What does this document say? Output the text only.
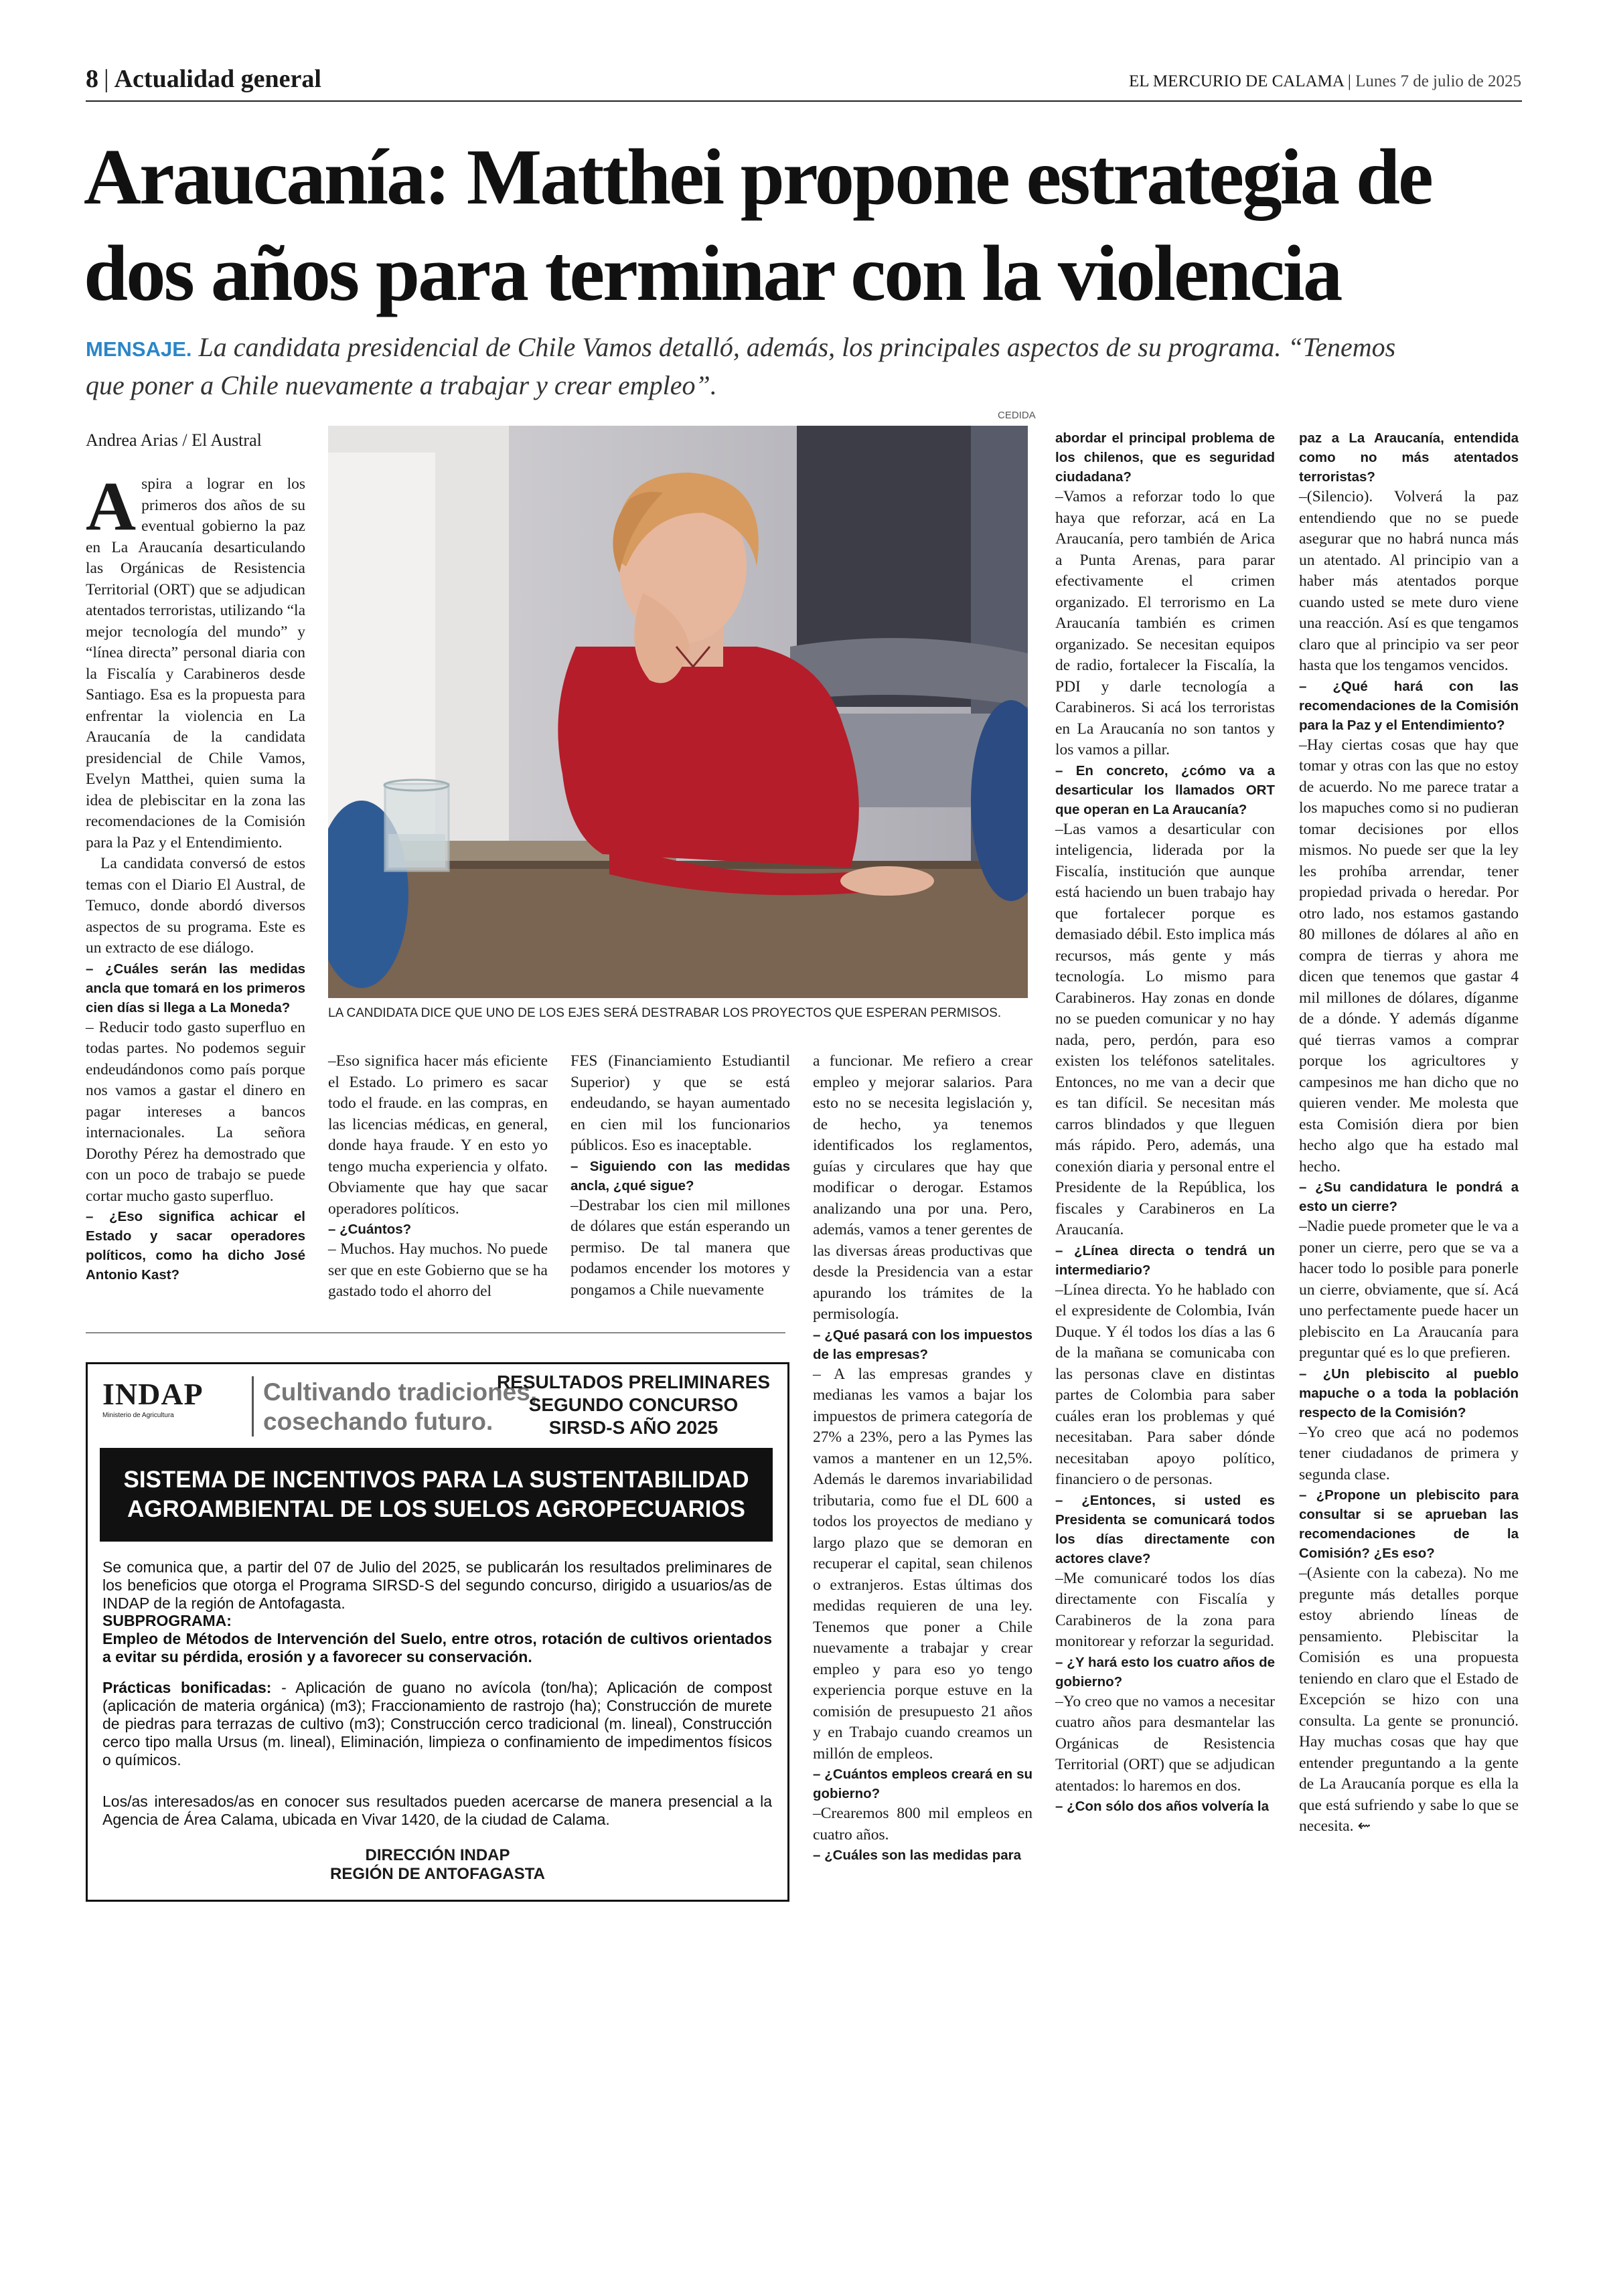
8 | Actualidad general	EL MERCURIO DE CALAMA | Lunes 7 de julio de 2025
Araucanía: Matthei propone estrategia de
dos años para terminar con la violencia
MENSAJE. La candidata presidencial de Chile Vamos detalló, además, los principales aspectos de su programa. “Tenemos
que poner a Chile nuevamente a trabajar y crear empleo”.
Andrea Arias / El Austral
CEDIDA
LA CANDIDATA DICE QUE UNO DE LOS EJES SERÁ DESTRABAR LOS PROYECTOS QUE ESPERAN PERMISOS.

Aspira a lograr en los primeros dos años de su eventual gobierno la paz en La Araucanía desarticulando las Orgánicas de Resistencia Territorial (ORT) que se adjudican atentados terroristas, utilizando “la mejor tecnología del mundo” y “línea directa” personal diaria con la Fiscalía y Carabineros desde Santiago. Esa es la propuesta para enfrentar la violencia en La Araucanía de la candidata presidencial de Chile Vamos, Evelyn Matthei, quien suma la idea de plebiscitar en la zona las recomendaciones de la Comisión para la Paz y el Entendimiento.

La candidata conversó de estos temas con el Diario El Austral, de Temuco, donde abordó diversos aspectos de su programa. Este es un extracto de ese diálogo.

– ¿Cuáles serán las medidas ancla que tomará en los primeros cien días si llega a La Moneda?

– Reducir todo gasto superfluo en todas partes. No podemos seguir endeudándonos como país porque nos vamos a gastar el dinero en pagar intereses a bancos internacionales. La señora Dorothy Pérez ha demostrado que con un poco de trabajo se puede cortar mucho gasto superfluo.

– ¿Eso significa achicar el Estado y sacar operadores políticos, como ha dicho José Antonio Kast?

–Eso significa hacer más eficiente el Estado. Lo primero es sacar todo el fraude. en las compras, en las licencias médicas, en general, donde haya fraude. Y en esto yo tengo mucha experiencia y olfato. Obviamente que hay que sacar operadores políticos.

– ¿Cuántos?

– Muchos. Hay muchos. No puede ser que en este Gobierno que se ha gastado todo el ahorro del

FES (Financiamiento Estudiantil Superior) y que se está endeudando, se hayan aumentado en cien mil los funcionarios públicos. Eso es inaceptable.

– Siguiendo con las medidas ancla, ¿qué sigue?

–Destrabar los cien mil millones de dólares que están esperando un permiso. De tal manera que podamos encender los motores y pongamos a Chile nuevamente

a funcionar. Me refiero a crear empleo y mejorar salarios. Para esto no se necesita legislación y, de hecho, ya tenemos identificados los reglamentos, guías y circulares que hay que modificar o derogar. Estamos analizando una por una. Pero, además, vamos a tener gerentes de las diversas áreas productivas que desde la Presidencia van a estar apurando los trámites de la permisología.

– ¿Qué pasará con los impuestos de las empresas?

– A las empresas grandes y medianas les vamos a bajar los impuestos de primera categoría de 27% a 23%, pero a las Pymes las vamos a mantener en un 12,5%. Además le daremos invariabilidad tributaria, como fue el DL 600 a todos los proyectos de mediano y largo plazo que se demoran en recuperar el capital, sean chilenos o extranjeros. Estas últimas dos medidas requieren de una ley. Tenemos que poner a Chile nuevamente a trabajar y crear empleo y para eso yo tengo experiencia porque estuve en la comisión de presupuesto 21 años y en Trabajo cuando creamos un millón de empleos.

– ¿Cuántos empleos creará en su gobierno?

–Crearemos 800 mil empleos en cuatro años.

– ¿Cuáles son las medidas para

abordar el principal problema de los chilenos, que es seguridad ciudadana?

–Vamos a reforzar todo lo que haya que reforzar, acá en La Araucanía, pero también de Arica a Punta Arenas, para parar efectivamente el crimen organizado. El terrorismo en La Araucanía también es crimen organizado. Se necesitan equipos de radio, fortalecer la Fiscalía, la PDI y darle tecnología a Carabineros. Si acá los terroristas en La Araucanía no son tantos y los vamos a pillar.

– En concreto, ¿cómo va a desarticular los llamados ORT que operan en La Araucanía?

–Las vamos a desarticular con inteligencia, liderada por la Fiscalía, institución que aunque está haciendo un buen trabajo hay que fortalecer porque es demasiado débil. Esto implica más recursos, más gente y más tecnología. Lo mismo para Carabineros. Hay zonas en donde no se pueden comunicar y no hay nada, pero, perdón, para eso existen los teléfonos satelitales. Entonces, no me van a decir que es tan difícil. Se necesitan más carros blindados y que lleguen más rápido. Pero, además, una conexión diaria y personal entre el Presidente de la República, los fiscales y Carabineros en La Araucanía.

– ¿Línea directa o tendrá un intermediario?

–Línea directa. Yo he hablado con el expresidente de Colombia, Iván Duque. Y él todos los días a las 6 de la mañana se comunicaba con las personas clave en distintas partes de Colombia para saber cuáles eran los problemas y qué necesitaban. Para saber dónde necesitaban apoyo político, financiero o de personas.

– ¿Entonces, si usted es Presidenta se comunicará todos los días directamente con actores clave?

–Me comunicaré todos los días directamente con Fiscalía y Carabineros de la zona para monitorear y reforzar la seguridad.

– ¿Y hará esto los cuatro años de gobierno?

–Yo creo que no vamos a necesitar cuatro años para desmantelar las Orgánicas de Resistencia Territorial (ORT) que se adjudican atentados: lo haremos en dos.

– ¿Con sólo dos años volvería la

paz a La Araucanía, entendida como no más atentados terroristas?

–(Silencio). Volverá la paz entendiendo que no se puede asegurar que no habrá nunca más un atentado. Al principio van a haber más atentados porque cuando usted se mete duro viene una reacción. Así es que tengamos claro que al principio va ser peor hasta que los tengamos vencidos.

– ¿Qué hará con las recomendaciones de la Comisión para la Paz y el Entendimiento?

–Hay ciertas cosas que hay que tomar y otras con las que no estoy de acuerdo. No me parece tratar a los mapuches como si no pudieran tomar decisiones por ellos mismos. No puede ser que la ley les prohíba arrendar, tener propiedad privada o heredar. Por otro lado, nos estamos gastando 80 millones de dólares al año en compra de tierras y ahora me dicen que tenemos que gastar 4 mil millones de dólares, díganme de a dónde. Y además díganme qué tierras vamos a comprar porque los agricultores y campesinos me han dicho que no quieren vender. Me molesta que esta Comisión diera por bien hecho algo que ha estado mal hecho.

– ¿Su candidatura le pondrá a esto un cierre?

–Nadie puede prometer que le va a poner un cierre, pero que se va a hacer todo lo posible para ponerle un cierre, obviamente, que sí. Acá uno perfectamente puede hacer un plebiscito en La Araucanía para preguntar qué es lo que prefieren.

– ¿Un plebiscito al pueblo mapuche o a toda la población respecto de la Comisión?

–Yo creo que acá no podemos tener ciudadanos de primera y segunda clase.

– ¿Propone un plebiscito para consultar si se aprueban las recomendaciones de la Comisión? ¿Es eso?

–(Asiente con la cabeza). No me pregunte más detalles porque estoy abriendo líneas de pensamiento. Plebiscitar la Comisión es una propuesta teniendo en claro que el Estado de Excepción se hizo con una consulta. La gente se pronunció. Hay muchas cosas que hay que entender preguntando a la gente de La Araucanía porque es ella la que está sufriendo y sabe lo que se necesita. ⇜

INDAP
Ministerio de Agricultura
Cultivando tradiciones,
cosechando futuro.
RESULTADOS PRELIMINARES
SEGUNDO CONCURSO
SIRSD-S AÑO 2025
SISTEMA DE INCENTIVOS PARA LA SUSTENTABILIDAD
AGROAMBIENTAL DE LOS SUELOS AGROPECUARIOS
Se comunica que, a partir del 07 de Julio del 2025, se publicarán los resultados preliminares de los beneficios que otorga el Programa SIRSD-S del segundo concurso, dirigido a usuarios/as de INDAP de la región de Antofagasta.
SUBPROGRAMA:
Empleo de Métodos de Intervención del Suelo, entre otros, rotación de cultivos orientados a evitar su pérdida, erosión y a favorecer su conservación.
Prácticas bonificadas: - Aplicación de guano no avícola (ton/ha); Aplicación de compost (aplicación de materia orgánica) (m3); Fraccionamiento de rastrojo (ha); Construcción de murete de piedras para terrazas de cultivo (m3); Construcción cerco tradicional (m. lineal), Construcción cerco tipo malla Ursus (m. lineal), Eliminación, limpieza o confinamiento de impedimentos físicos o químicos.
Los/as interesados/as en conocer sus resultados pueden acercarse de manera presencial a la Agencia de Área Calama, ubicada en Vivar 1420, de la ciudad de Calama.
DIRECCIÓN INDAP
REGIÓN DE ANTOFAGASTA
